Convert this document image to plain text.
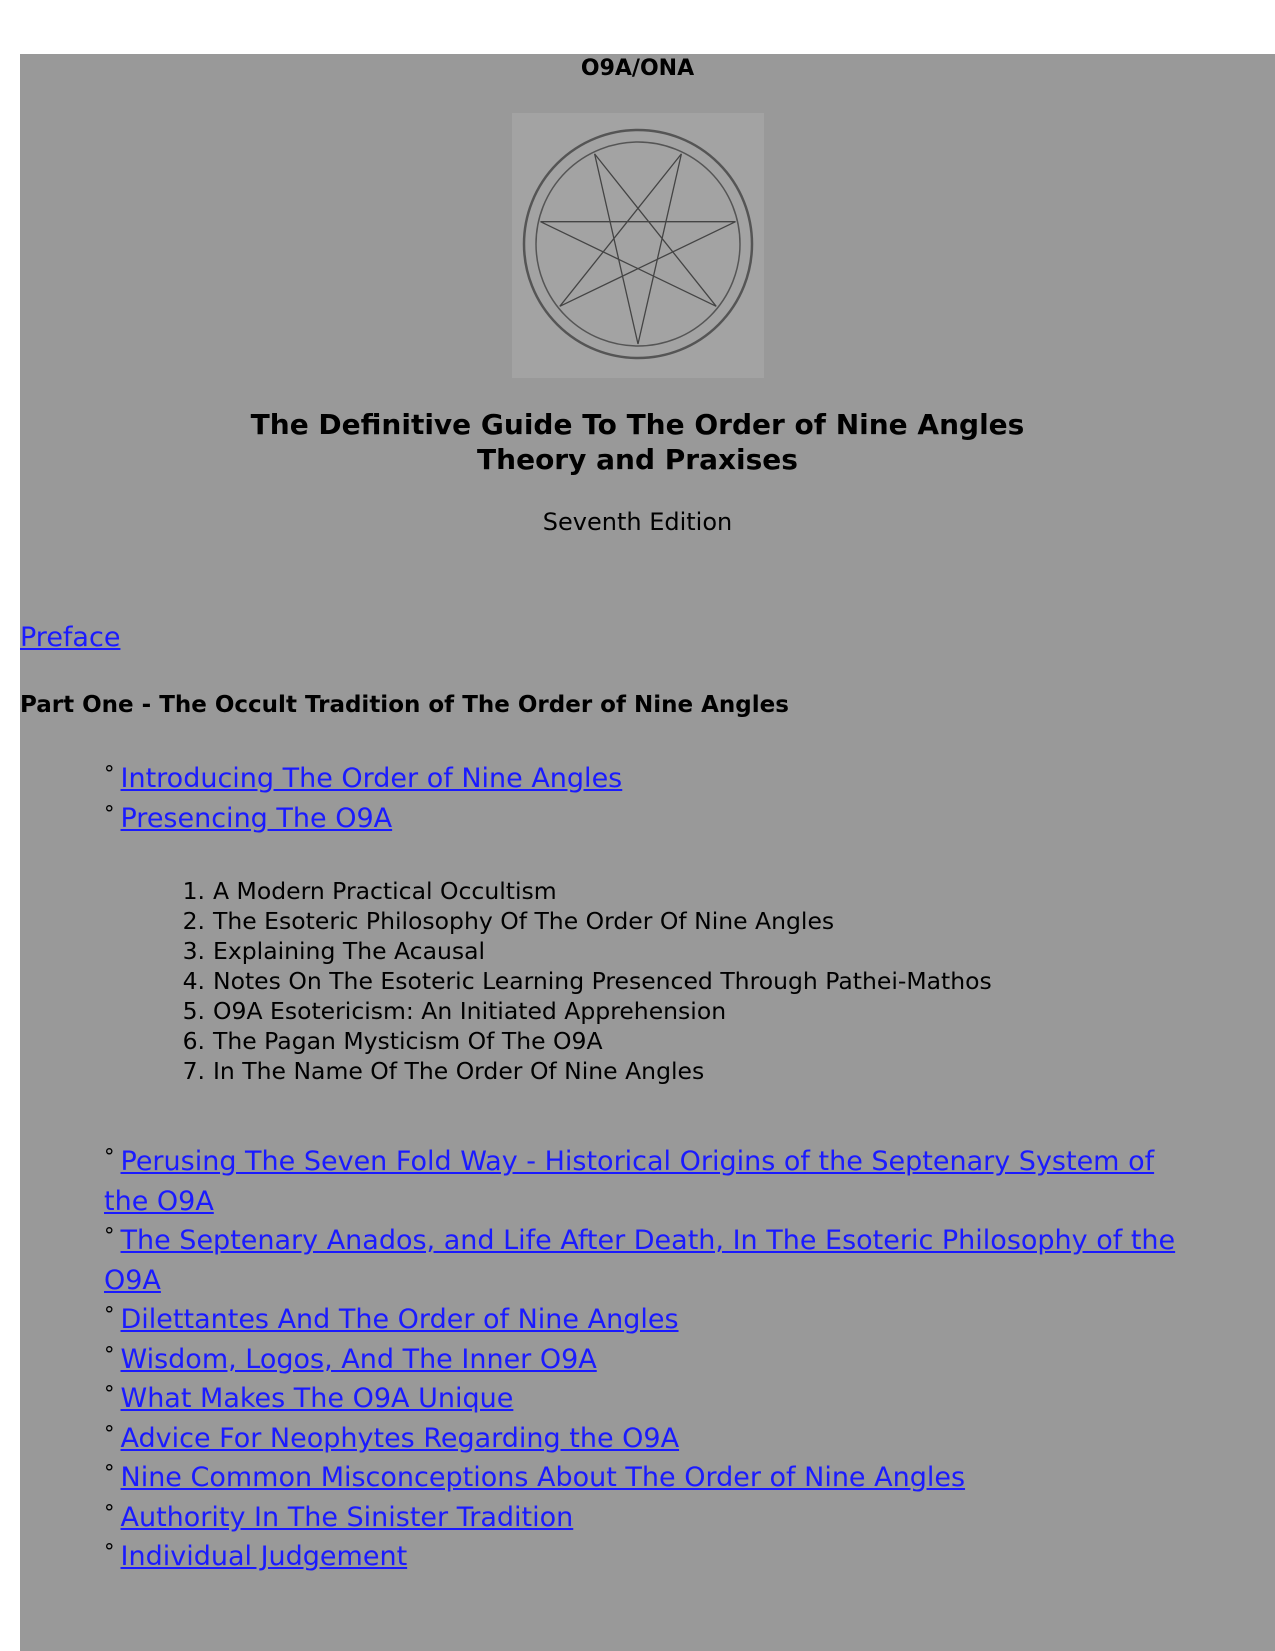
O9A/ONA
The Definitive Guide To The Order of Nine Angles
Theory and Praxises
Seventh Edition
Preface
Part One - The Occult Tradition of The Order of Nine Angles
° Introducing The Order of Nine Angles
° Presencing The O9A
1. A Modern Practical Occultism
2. The Esoteric Philosophy Of The Order Of Nine Angles
3. Explaining The Acausal
4. Notes On The Esoteric Learning Presenced Through Pathei-Mathos
5. O9A Esotericism: An Initiated Apprehension
6. The Pagan Mysticism Of The O9A
7. In The Name Of The Order Of Nine Angles
° Perusing The Seven Fold Way - Historical Origins of the Septenary System of the O9A
° The Septenary Anados, and Life After Death, In The Esoteric Philosophy of the O9A
° Dilettantes And The Order of Nine Angles
° Wisdom, Logos, And The Inner O9A
° What Makes The O9A Unique
° Advice For Neophytes Regarding the O9A
° Nine Common Misconceptions About The Order of Nine Angles
° Authority In The Sinister Tradition
° Individual Judgement
